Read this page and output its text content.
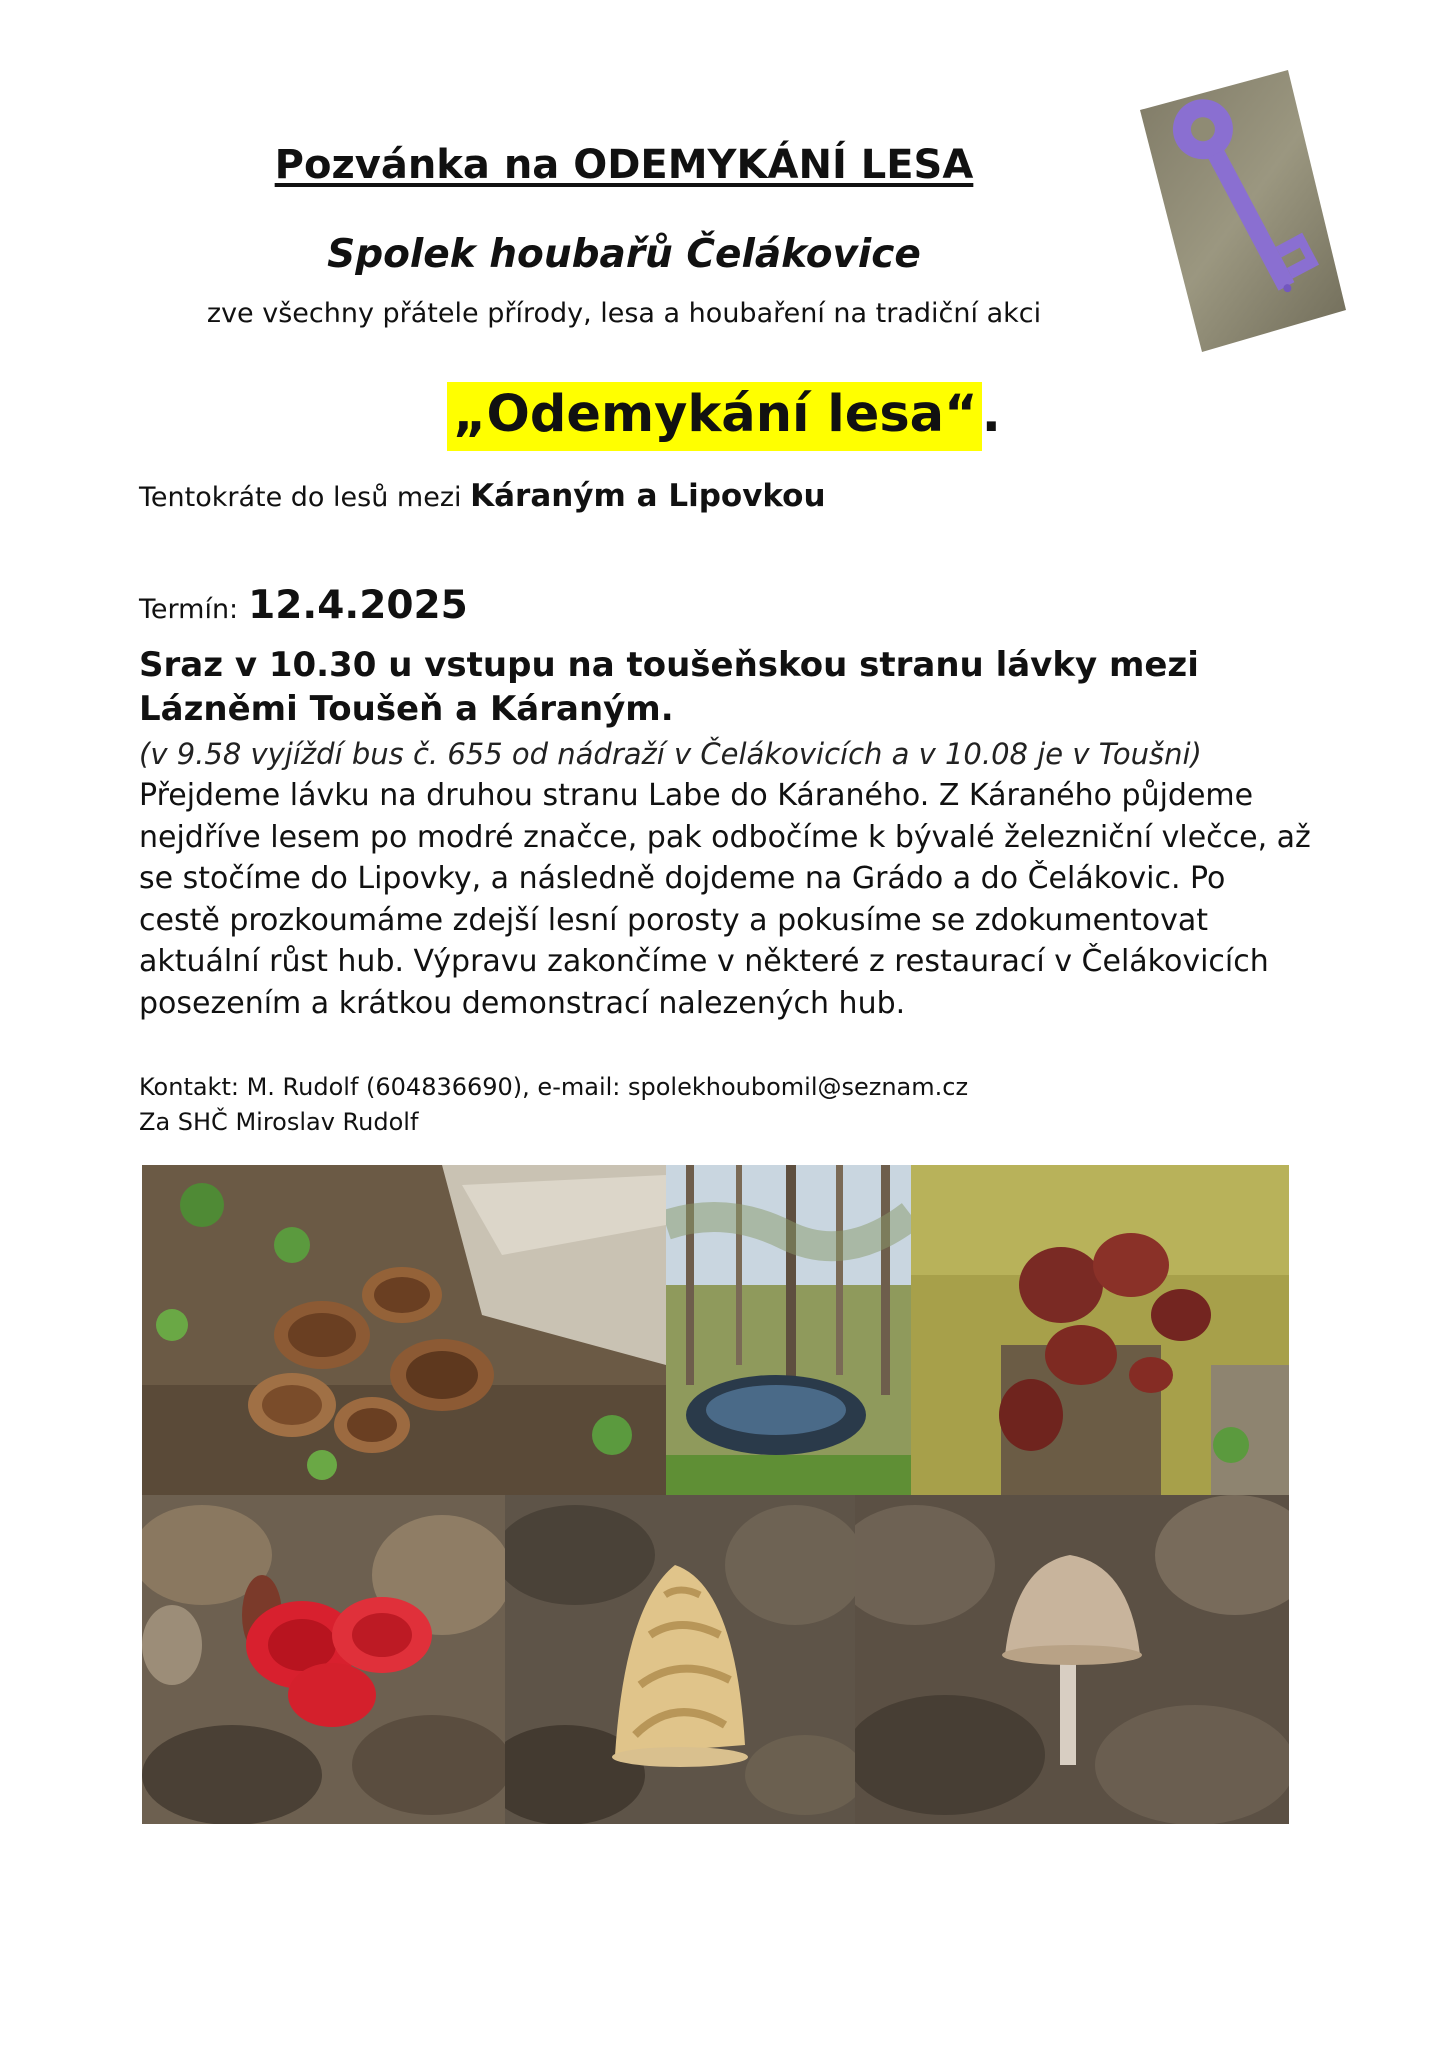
Pozvánka na ODEMYKÁNÍ LESA
Spolek houbařů Čelákovice
zve všechny přátele přírody, lesa a houbaření na tradiční akci
„Odemykání lesa“.
Tentokráte do lesů mezi Káraným a Lipovkou
Termín: 12.4.2025
Sraz v 10.30 u vstupu na toušeňskou stranu lávky mezi
Lázněmi Toušeň a Káraným.
(v 9.58 vyjíždí bus č. 655 od nádraží v Čelákovicích a v 10.08 je v Toušni)
Přejdeme lávku na druhou stranu Labe do Káraného. Z Káraného půjdeme
nejdříve lesem po modré značce, pak odbočíme k bývalé železniční vlečce, až
se stočíme do Lipovky, a následně dojdeme na Grádo a do Čelákovic. Po
cestě prozkoumáme zdejší lesní porosty a pokusíme se zdokumentovat
aktuální růst hub. Výpravu zakončíme v některé z restaurací v Čelákovicích
posezením a krátkou demonstrací nalezených hub.
Kontakt: M. Rudolf (604836690), e-mail: spolekhoubomil@seznam.cz
Za SHČ Miroslav Rudolf
